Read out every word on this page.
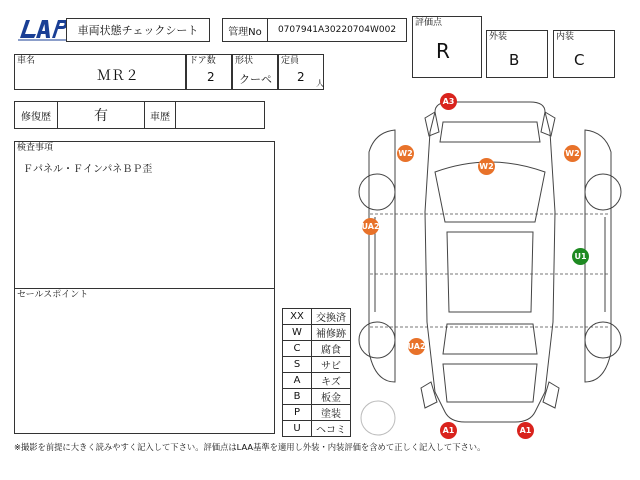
車両状態チェックシート	管理No	0707941A30220704W002
評価点
R
外装
B
内装
C
車名
ＭＲ２
ドア数
2
形状
クーペ
定員
2 人
修復歴	有	車歴
検査事項
Ｆパネル・ＦインパネＢＰ歪
セールスポイント
XX	交換済
W	補修跡
C	腐食
S	サビ
A	キズ
B	板金
P	塗装
U	ヘコミ
A3
W2
W2
W2
UA2
U1
UA2
A1	A1
※撮影を前提に大きく読みやすく記入して下さい。評価点はLAA基準を適用し外装・内装評価を含めて正しく記入して下さい。
